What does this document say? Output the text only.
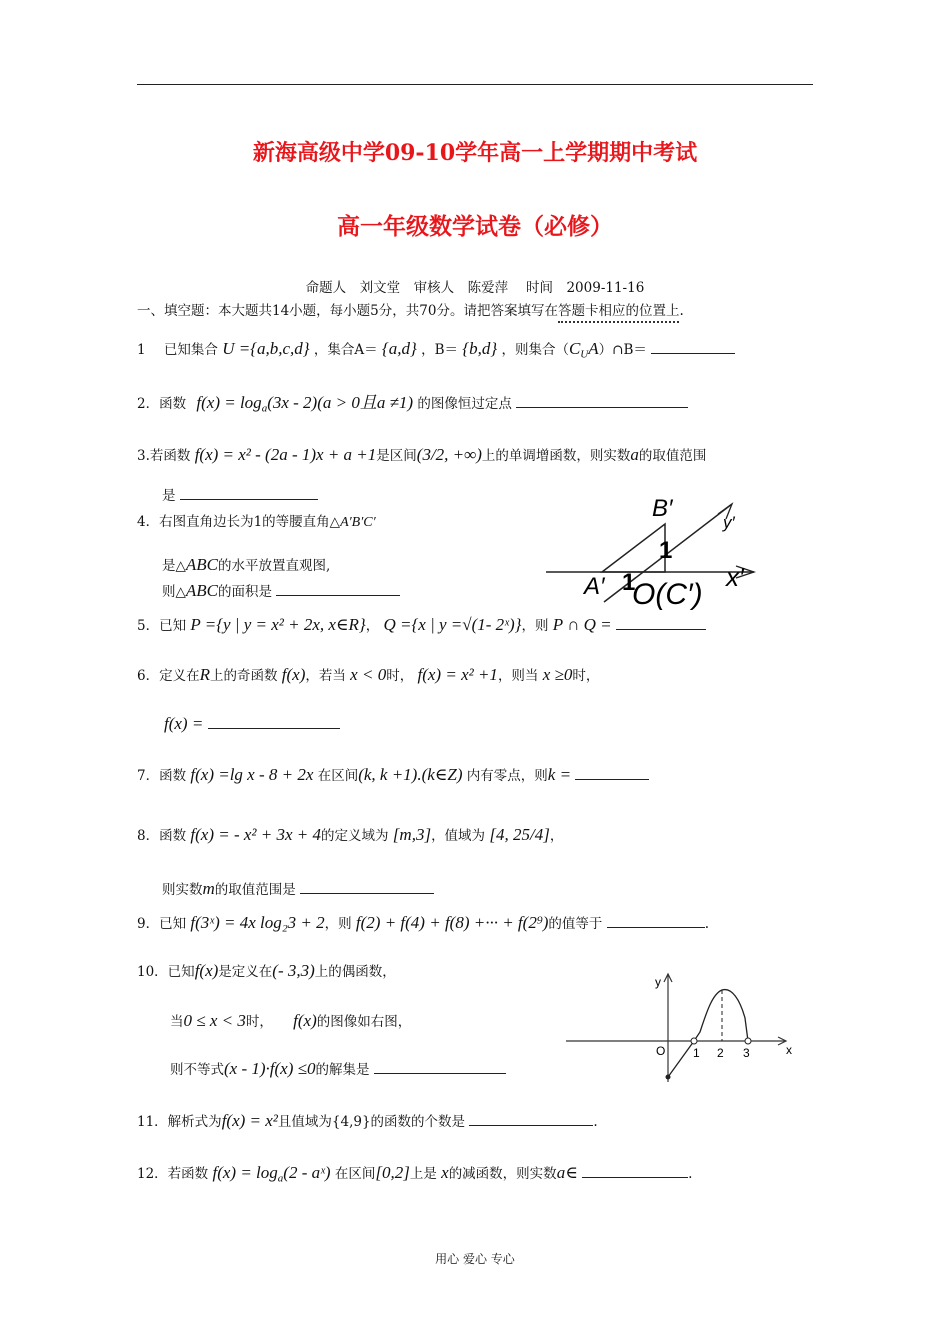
新海高级中学09-10学年高一上学期期中考试
高一年级数学试卷（必修）
命题人　刘文堂　审核人　陈爱萍　 时间　2009-11-16
一、填空题：本大题共14小题，每小题5分，共70分。请把答案填写在答题卡相应的位置上.
1 已知集合 U ={a,b,c,d} ，集合A＝ {a,d} ，B＝ {b,d} ，则集合$(C_UA)\cap B=$
2．函数 $f(x) = \log_a(3x - 2)(a > 0$且a ≠1) 的图像恒过定点
3.若函数 f(x) = x² - (2a - 1)x + a +1是区间(3/2, +∞)上的单调增函数，则实数a的取值范围
是
4．右图直角边长为1的等腰直角△A′B′C′
是△ABC的水平放置直观图,
则△ABC的面积是
B′
y′
1
A′ 1
O(C′)
x′
5．已知 P ={y | y = x² + 2x, x∈R}， Q ={x | y =√(1- 2ˣ)}，则 P ∩ Q =
6．定义在R上的奇函数 f(x)，若当 x < 0时， f(x) = x² +1，则当 x ≥0时，
f(x) =
7．函数 f(x) =lg x - 8 + 2x 在区间(k, k +1).(k∈Z) 内有零点，则k =
8．函数 f(x) = - x² + 3x + 4的定义域为 [m,3]，值域为 [4, 25/4]，
则实数m的取值范围是
9．已知 f(3ˣ) = 4x log₂3 + 2，则 f(2) + f(4) + f(8) +··· + f(2⁹)的值等于	.
10．已知f(x)是定义在(- 3,3)上的偶函数，
当0 ≤ x < 3时， f(x)的图像如右图，
则不等式(x - 1)·f(x) ≤0的解集是
y
x
O 1 2 3
11．解析式为f(x) = x²且值域为{4,9}的函数的个数是	.
12．若函数 $f(x) = \log_a(2$ - aˣ) 在区间[0,2]上是 x的减函数，则实数a∈	.
用心 爱心 专心
